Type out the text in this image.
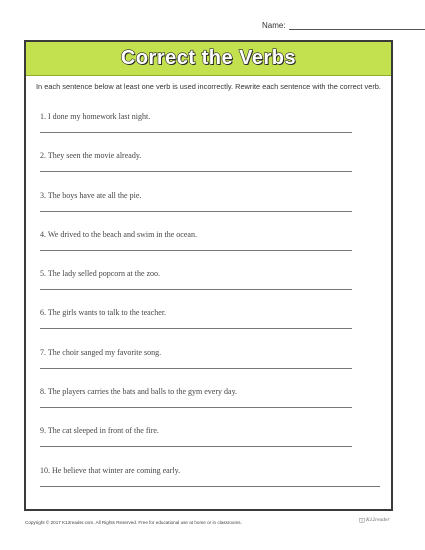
Name:
Correct the Verbs
In each sentence below at least one verb is used incorrectly. Rewrite each sentence with the correct verb.
1. I done my homework last night.
2. They seen the movie already.
3. The boys have ate all the pie.
4. We drived to the beach and swim in the ocean.
5. The lady selled popcorn at the zoo.
6. The girls wants to talk to the teacher.
7. The choir sanged my favorite song.
8. The players carries the bats and balls to the gym every day.
9. The cat sleeped in front of the fire.
10. He believe that winter are coming early.
Copyright © 2017 K12reader.com. All Rights Reserved. Free for educational use at home or in classrooms.	K12reader
